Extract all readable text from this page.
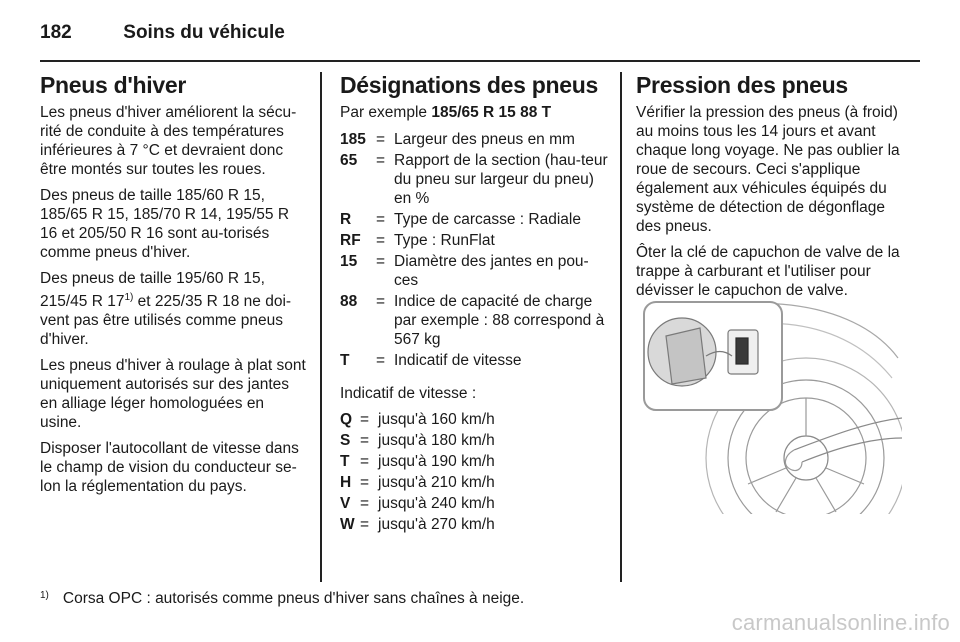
182	Soins du véhicule
Pneus d'hiver

Les pneus d'hiver améliorent la sécu-rité de conduite à des températures inférieures à 7 °C et devraient donc être montés sur toutes les roues.

Des pneus de taille 185/60 R 15, 185/65 R 15, 185/70 R 14, 195/55 R 16 et 205/50 R 16 sont au-torisés comme pneus d'hiver.

Des pneus de taille 195/60 R 15, 215/45 R 17$^{1)}$ et 225/35 R 18 ne doi-vent pas être utilisés comme pneus d'hiver.

Les pneus d'hiver à roulage à plat sont uniquement autorisés sur des jantes en alliage léger homologuées en usine.

Disposer l'autocollant de vitesse dans le champ de vision du conducteur se-lon la réglementation du pays.

Désignations des pneus
Par exemple 185/65 R 15 88 T
185 = Largeur des pneus en mm
65	= Rapport de la section (hau-teur du pneu sur largeur du pneu) en %
R	= Type de carcasse : Radiale
RF = Type : RunFlat
15	= Diamètre des jantes en pou-ces
88	= Indice de capacité de charge par exemple : 88 correspond à 567 kg
T	= Indicatif de vitesse

Indicatif de vitesse :

Q = jusqu'à 160 km/h
S = jusqu'à 180 km/h
T = jusqu'à 190 km/h
H = jusqu'à 210 km/h
V = jusqu'à 240 km/h
W = jusqu'à 270 km/h
Pression des pneus

Vérifier la pression des pneus (à froid) au moins tous les 14 jours et avant chaque long voyage. Ne pas oublier la roue de secours. Ceci s'applique également aux véhicules équipés du système de détection de dégonflage des pneus.

Ôter la clé de capuchon de valve de la trappe à carburant et l'utiliser pour dévisser le capuchon de valve.

$^{1)}$ Corsa OPC : autorisés comme pneus d'hiver sans chaînes à neige.
carmanualsonline.info
